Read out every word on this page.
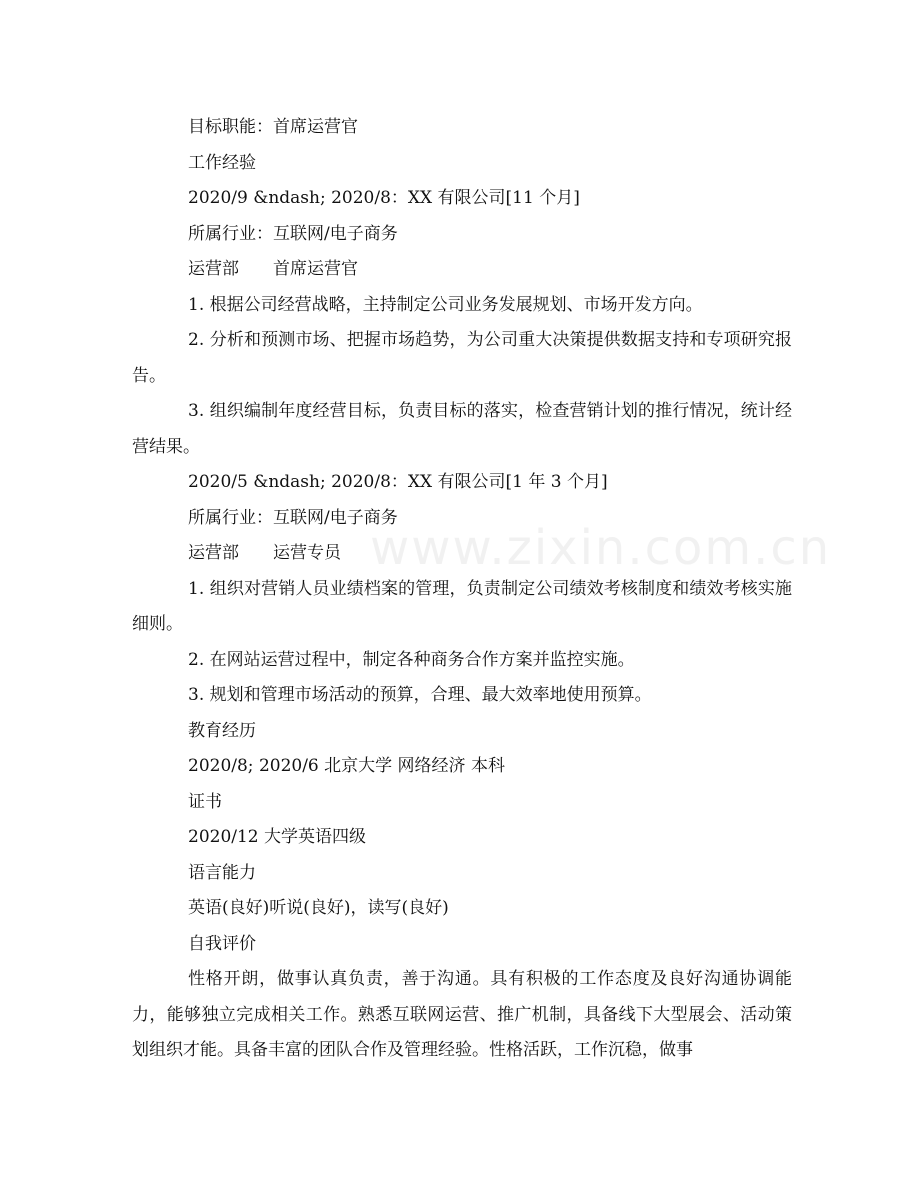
www.zixin.com.cn

目标职能：首席运营官

工作经验

2020/9 &ndash; 2020/8：XX 有限公司[11 个月]

所属行业：互联网/电子商务

运营部　　首席运营官

1. 根据公司经营战略，主持制定公司业务发展规划、市场开发方向。

2. 分析和预测市场、把握市场趋势，为公司重大决策提供数据支持和专项研究报告。

3. 组织编制年度经营目标，负责目标的落实，检查营销计划的推行情况，统计经营结果。

2020/5 &ndash; 2020/8：XX 有限公司[1 年 3 个月]

所属行业：互联网/电子商务

运营部　　运营专员

1. 组织对营销人员业绩档案的管理，负责制定公司绩效考核制度和绩效考核实施细则。

2. 在网站运营过程中，制定各种商务合作方案并监控实施。

3. 规划和管理市场活动的预算，合理、最大效率地使用预算。

教育经历

2020/8; 2020/6 北京大学 网络经济 本科

证书

2020/12 大学英语四级

语言能力

英语(良好)听说(良好)，读写(良好)

自我评价

性格开朗，做事认真负责，善于沟通。具有积极的工作态度及良好沟通协调能力，能够独立完成相关工作。熟悉互联网运营、推广机制，具备线下大型展会、活动策划组织才能。具备丰富的团队合作及管理经验。性格活跃，工作沉稳，做事
